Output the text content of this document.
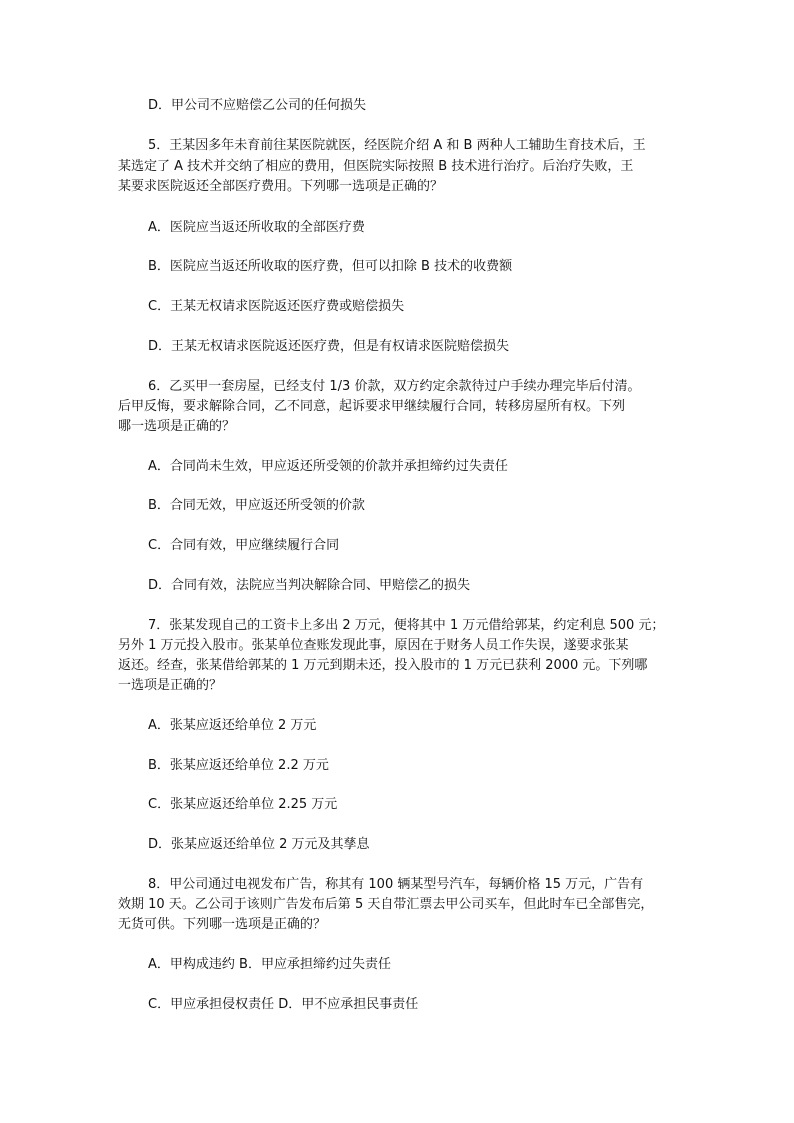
D．甲公司不应赔偿乙公司的任何损失
5．王某因多年未育前往某医院就医，经医院介绍 A 和 B 两种人工辅助生育技术后，王
某选定了 A 技术并交纳了相应的费用，但医院实际按照 B 技术进行治疗。后治疗失败，王
某要求医院返还全部医疗费用。下列哪一选项是正确的？
A．医院应当返还所收取的全部医疗费
B．医院应当返还所收取的医疗费，但可以扣除 B 技术的收费额
C．王某无权请求医院返还医疗费或赔偿损失
D．王某无权请求医院返还医疗费，但是有权请求医院赔偿损失
6．乙买甲一套房屋，已经支付 1/3 价款，双方约定余款待过户手续办理完毕后付清。
后甲反悔，要求解除合同，乙不同意，起诉要求甲继续履行合同，转移房屋所有权。下列
哪一选项是正确的？
A．合同尚未生效，甲应返还所受领的价款并承担缔约过失责任
B．合同无效，甲应返还所受领的价款
C．合同有效，甲应继续履行合同
D．合同有效，法院应当判决解除合同、甲赔偿乙的损失
7．张某发现自己的工资卡上多出 2 万元，便将其中 1 万元借给郭某，约定利息 500 元；
另外 1 万元投入股市。张某单位查账发现此事，原因在于财务人员工作失误，遂要求张某
返还。经查，张某借给郭某的 1 万元到期未还，投入股市的 1 万元已获利 2000 元。下列哪
一选项是正确的？
A．张某应返还给单位 2 万元
B．张某应返还给单位 2.2 万元
C．张某应返还给单位 2.25 万元
D．张某应返还给单位 2 万元及其孳息
8．甲公司通过电视发布广告，称其有 100 辆某型号汽车，每辆价格 15 万元，广告有
效期 10 天。乙公司于该则广告发布后第 5 天自带汇票去甲公司买车，但此时车已全部售完，
无货可供。下列哪一选项是正确的？
A．甲构成违约 B．甲应承担缔约过失责任
C．甲应承担侵权责任 D．甲不应承担民事责任
